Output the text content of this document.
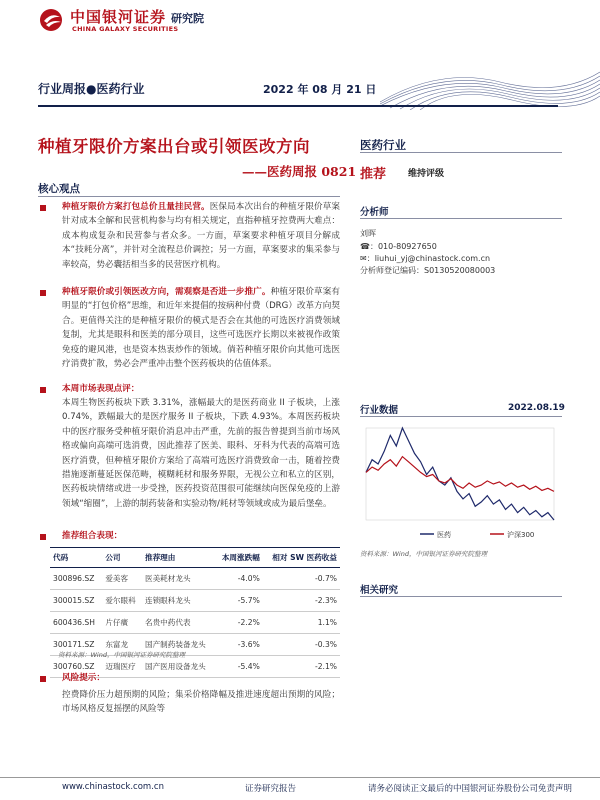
中国银河证券
CHINA GALAXY SECURITIES
研究院
行业周报●医药行业	2022 年 08 月 21 日
种植牙限价方案出台或引领医改方向
——医药周报 0821
医药行业
推荐 维持评级
分析师
刘晖
☎：010-80927650
✉：liuhui_yj@chinastock.com.cn
分析师登记编码：S0130520080003
行业数据	2022.08.19
医药	沪深300
资料来源：Wind，中国银河证券研究院整理
相关研究
核心观点
种植牙限价方案打包总价且量挂民营。医保局本次出台的种植牙限价草案针对成本全解和民营机构参与均有相关规定，直指种植牙控费两大难点：成本构成复杂和民营参与者众多。一方面，草案要求种植牙项目分解成本“技耗分离”，并针对全流程总价调控；另一方面，草案要求的集采参与率较高，势必囊括相当多的民营医疗机构。
种植牙限价或引领医改方向，需观察是否进一步推广。种植牙限价草案有明显的“打包价格”思维，和近年来提倡的按病种付费（DRG）改革方向契合。更值得关注的是种植牙限价的模式是否会在其他的可选医疗消费领域复制，尤其是眼科和医美的部分项目，这些可选医疗长期以来被视作政策免疫的避风港，也是资本热衷炒作的领域。倘若种植牙限价向其他可选医疗消费扩散，势必会严重冲击整个医药板块的估值体系。
本周市场表现点评：
本周生物医药板块下跌 3.31%，涨幅最大的是医药商业 II 子板块，上涨 0.74%，跌幅最大的是医疗服务 II 子板块，下跌 4.93%。本周医药板块中的医疗服务受种植牙限价消息冲击严重，先前的报告曾提到当前市场风格或偏向高端可选消费，因此推荐了医美、眼科、牙科为代表的高端可选医疗消费，但种植牙限价方案给了高端可选医疗消费致命一击，随着控费措施逐渐蔓延医保范畴，模糊耗材和服务界限，无视公立和私立的区别，医药板块情绪或进一步受挫，医药投资范围很可能继续向医保免疫的上游领域“缩圈”，上游的制药装备和实验动物/耗材等领域或成为最后堡垒。
推荐组合表现：
代码	公司	推荐理由	本周涨跌幅	相对 SW 医药收益
300896.SZ	爱美客	医美耗材龙头	-4.0%	-0.7%
300015.SZ	爱尔眼科	连锁眼科龙头	-5.7%	-2.3%
600436.SH	片仔癀	名贵中药代表	-2.2%	1.1%
300171.SZ	东富龙	国产制药装备龙头	-3.6%	-0.3%
300760.SZ	迈瑞医疗	国产医用设备龙头	-5.4%	-2.1%
资料来源：Wind，中国银河证券研究院整理
风险提示：
控费降价压力超预期的风险；集采价格降幅及推进速度超出预期的风险；市场风格反复摇摆的风险等
www.chinastock.com.cn	证券研究报告	请务必阅读正文最后的中国银河证券股份公司免责声明
